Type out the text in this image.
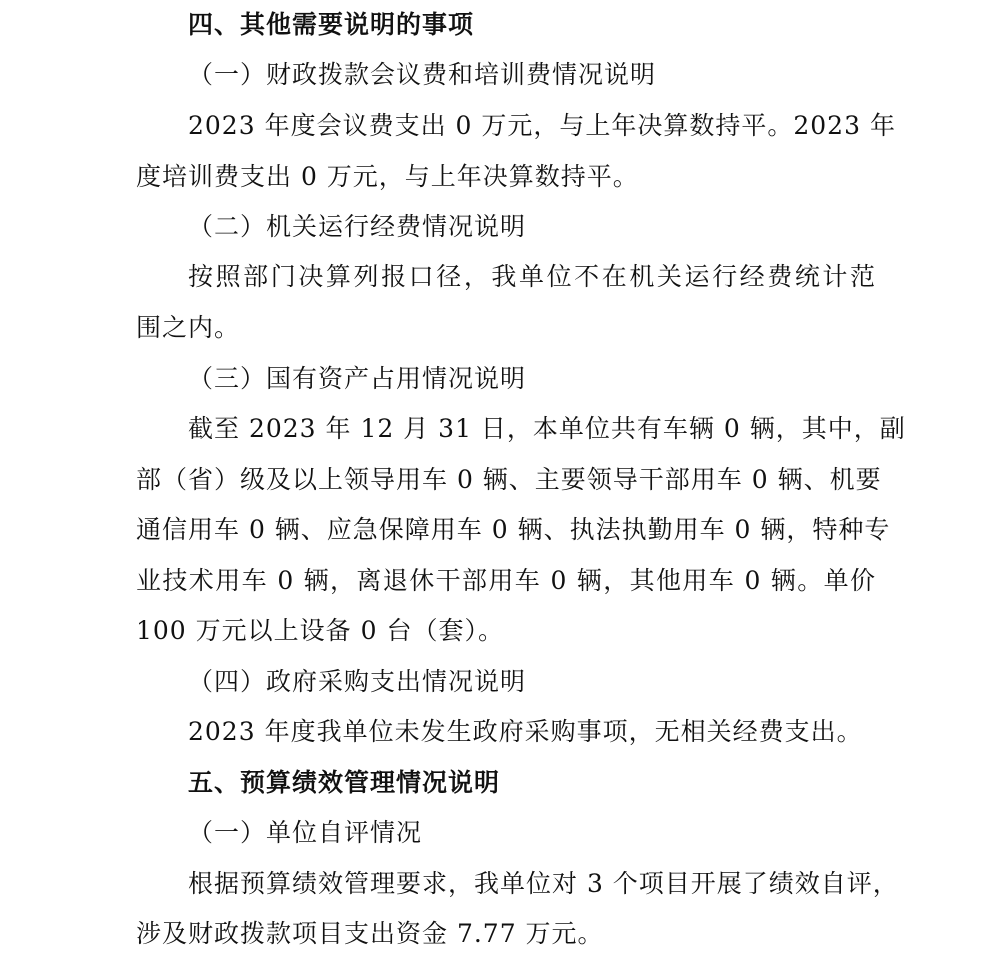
四、其他需要说明的事项
（一）财政拨款会议费和培训费情况说明
2023 年度会议费支出 0 万元，与上年决算数持平。2023 年
度培训费支出 0 万元，与上年决算数持平。
（二）机关运行经费情况说明
按照部门决算列报口径，我单位不在机关运行经费统计范
围之内。
（三）国有资产占用情况说明
截至 2023 年 12 月 31 日，本单位共有车辆 0 辆，其中，副
部（省）级及以上领导用车 0 辆、主要领导干部用车 0 辆、机要
通信用车 0 辆、应急保障用车 0 辆、执法执勤用车 0 辆，特种专
业技术用车 0 辆，离退休干部用车 0 辆，其他用车 0 辆。单价
100 万元以上设备 0 台（套）。
（四）政府采购支出情况说明
2023 年度我单位未发生政府采购事项，无相关经费支出。
五、预算绩效管理情况说明
（一）单位自评情况
根据预算绩效管理要求，我单位对 3 个项目开展了绩效自评，
涉及财政拨款项目支出资金 7.77 万元。
